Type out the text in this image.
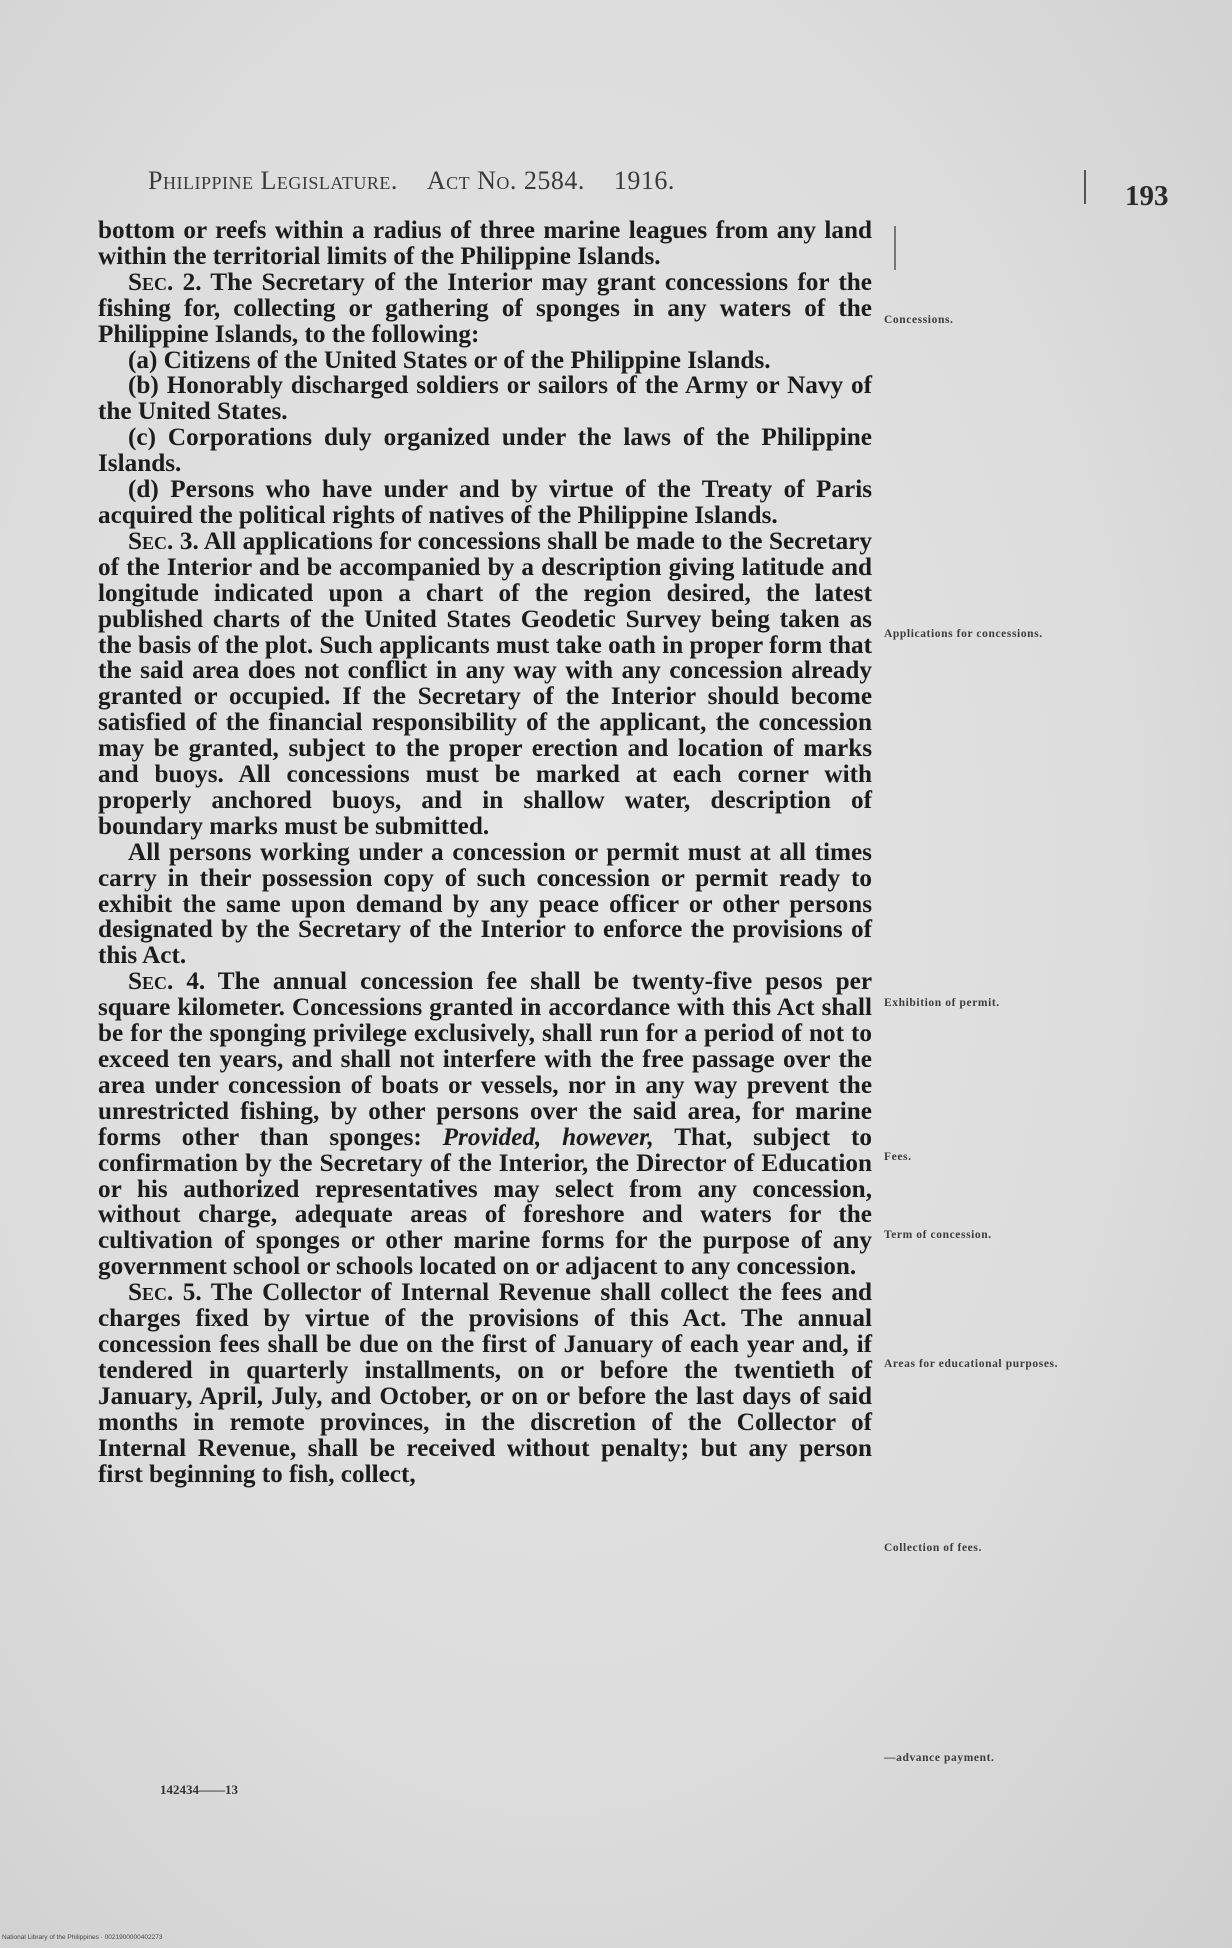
Philippine Legislature. Act No. 2584. 1916.	193

bottom or reefs within a radius of three marine leagues from any land within the territorial limits of the Philippine Islands.

Sec. 2. The Secretary of the Interior may grant concessions for the fishing for, collecting or gathering of sponges in any waters of the Philippine Islands, to the following:

(a) Citizens of the United States or of the Philippine Islands.

(b) Honorably discharged soldiers or sailors of the Army or Navy of the United States.

(c) Corporations duly organized under the laws of the Philippine Islands.

(d) Persons who have under and by virtue of the Treaty of Paris acquired the political rights of natives of the Philippine Islands.

Sec. 3. All applications for concessions shall be made to the Secretary of the Interior and be accompanied by a description giving latitude and longitude indicated upon a chart of the region desired, the latest published charts of the United States Geodetic Survey being taken as the basis of the plot. Such applicants must take oath in proper form that the said area does not conflict in any way with any concession already granted or occupied. If the Secretary of the Interior should become satisfied of the financial responsibility of the applicant, the concession may be granted, subject to the proper erection and location of marks and buoys. All concessions must be marked at each corner with properly anchored buoys, and in shallow water, description of boundary marks must be submitted.

All persons working under a concession or permit must at all times carry in their possession copy of such concession or permit ready to exhibit the same upon demand by any peace officer or other persons designated by the Secretary of the Interior to enforce the provisions of this Act.

Sec. 4. The annual concession fee shall be twenty-five pesos per square kilometer. Concessions granted in accordance with this Act shall be for the sponging privilege exclusively, shall run for a period of not to exceed ten years, and shall not interfere with the free passage over the area under concession of boats or vessels, nor in any way prevent the unrestricted fishing, by other persons over the said area, for marine forms other than sponges: Provided, however, That, subject to confirmation by the Secretary of the Interior, the Director of Education or his authorized representatives may select from any concession, without charge, adequate areas of foreshore and waters for the cultivation of sponges or other marine forms for the purpose of any government school or schools located on or adjacent to any concession.

Sec. 5. The Collector of Internal Revenue shall collect the fees and charges fixed by virtue of the provisions of this Act. The annual concession fees shall be due on the first of January of each year and, if tendered in quarterly installments, on or before the twentieth of January, April, July, and October, or on or before the last days of said months in remote provinces, in the discretion of the Collector of Internal Revenue, shall be received without penalty; but any person first beginning to fish, collect,

Concessions.
Applications for concessions.
Exhibition of permit.
Fees.
Term of concession.
Areas for educational purposes.
Collection of fees.
—advance payment.
142434——13
National Library of the Philippines · 0021900000402273
